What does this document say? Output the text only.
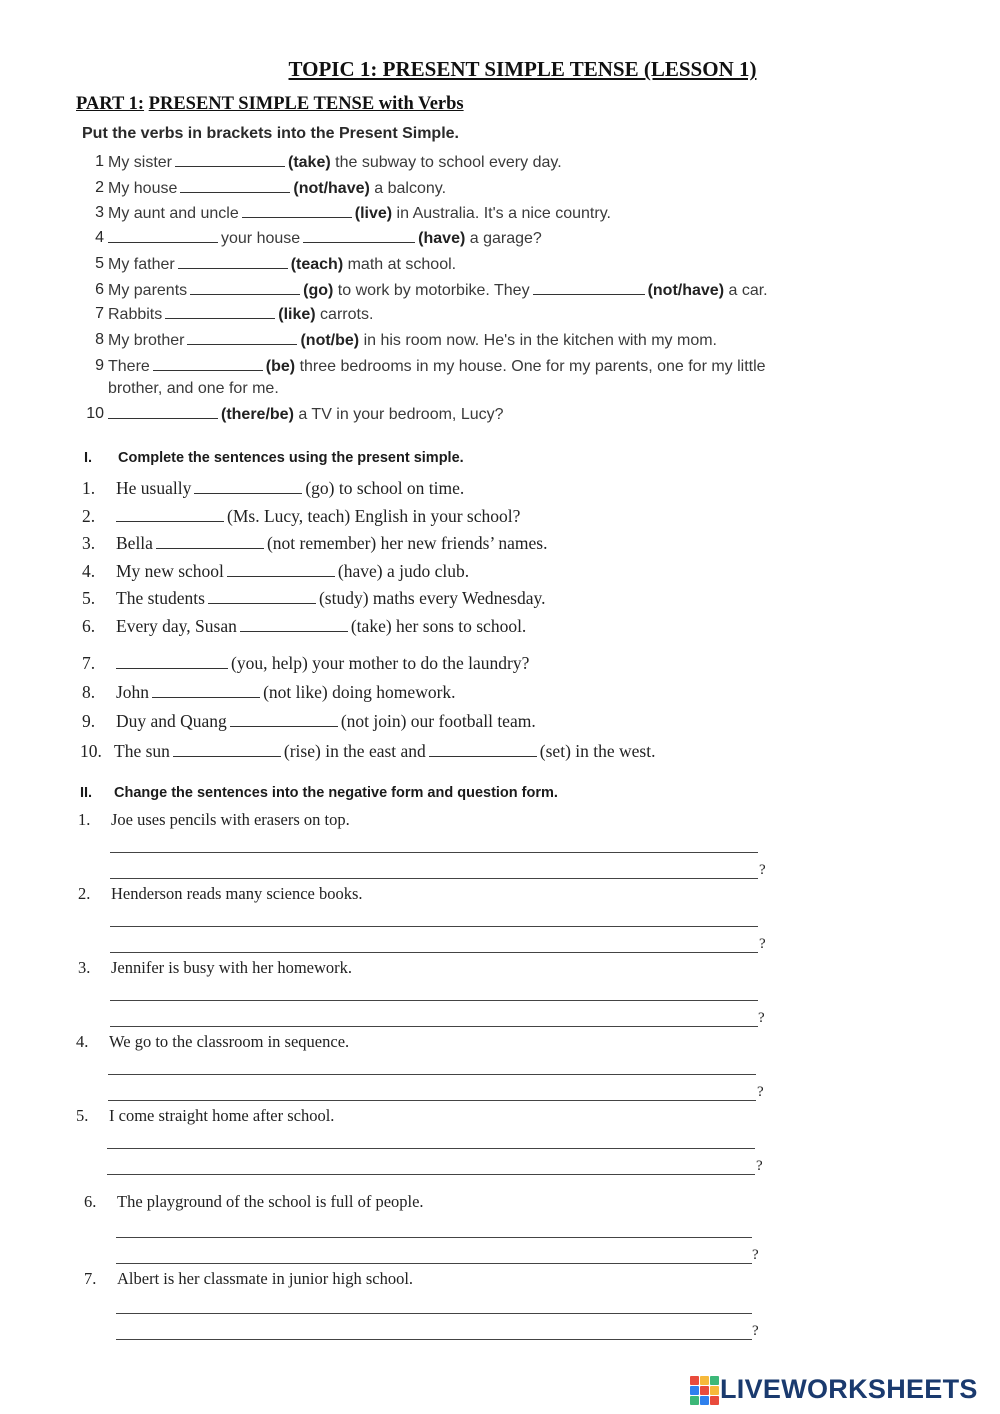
TOPIC 1: PRESENT SIMPLE TENSE (LESSON 1)
PART 1: PRESENT SIMPLE TENSE with Verbs
Put the verbs in brackets into the Present Simple.
1 My sister	(take) the subway to school every day.
2 My house	(not/have) a balcony.
3 My aunt and uncle	(live) in Australia. It's a nice country.
4	your house	(have) a garage?
5 My father	(teach) math at school.
6 My parents	(go) to work by motorbike. They	(not/have) a car.
7 Rabbits	(like) carrots.
8 My brother	(not/be) in his room now. He's in the kitchen with my mom.
9 There	(be) three bedrooms in my house. One for my parents, one for my little
brother, and one for me.
10	(there/be) a TV in your bedroom, Lucy?
I. Complete the sentences using the present simple.
1. He usually	(go) to school on time.
2.	(Ms. Lucy, teach) English in your school?
3. Bella	(not remember) her new friends’ names.
4. My new school	(have) a judo club.
5. The students	(study) maths every Wednesday.
6. Every day, Susan	(take) her sons to school.
7.	(you, help) your mother to do the laundry?
8. John	(not like) doing homework.
9. Duy and Quang	(not join) our football team.
10. The sun	(rise) in the east and	(set) in the west.
II. Change the sentences into the negative form and question form.
1. Joe uses pencils with erasers on top.
?
2. Henderson reads many science books.
?
3. Jennifer is busy with her homework.
?
4. We go to the classroom in sequence.
?
5. I come straight home after school.
?
6. The playground of the school is full of people.
?
7. Albert is her classmate in junior high school.
?
LIVEWORKSHEETS
